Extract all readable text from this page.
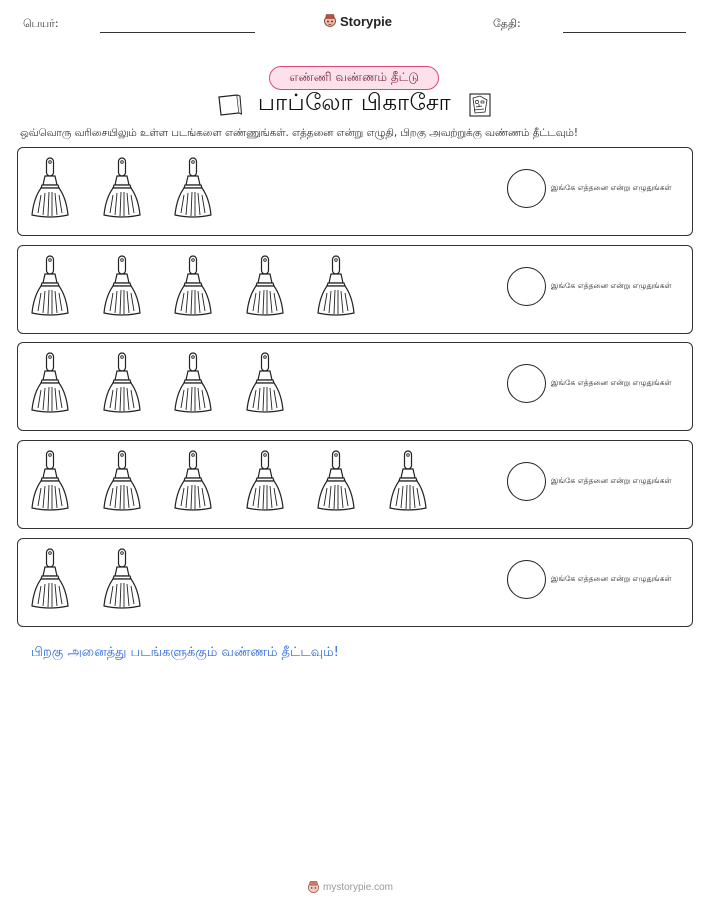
பெயர்:	Storypie	தேதி:
எண்ணி வண்ணம் தீட்டு
பாப்லோ பிகாசோ
ஒவ்வொரு வரிசையிலும் உள்ள படங்களை எண்ணுங்கள். எத்தனை என்று எழுதி, பிறகு அவற்றுக்கு வண்ணம் தீட்டவும்!
இங்கே எத்தனை என்று எழுதுங்கள்
இங்கே எத்தனை என்று எழுதுங்கள்
இங்கே எத்தனை என்று எழுதுங்கள்
இங்கே எத்தனை என்று எழுதுங்கள்
இங்கே எத்தனை என்று எழுதுங்கள்
பிறகு அனைத்து படங்களுக்கும் வண்ணம் தீட்டவும்!
mystorypie.com
